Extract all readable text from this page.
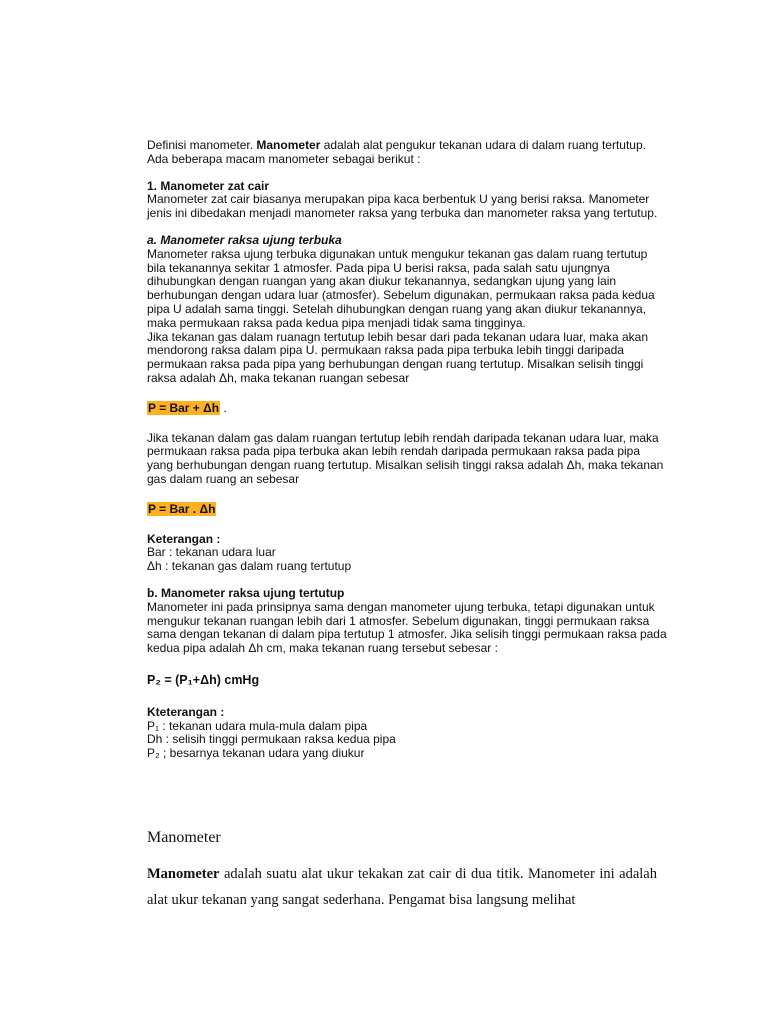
Definisi manometer. Manometer adalah alat pengukur tekanan udara di dalam ruang tertutup. Ada beberapa macam manometer sebagai berikut :

1. Manometer zat cair

Manometer zat cair biasanya merupakan pipa kaca berbentuk U yang berisi raksa. Manometer jenis ini dibedakan menjadi manometer raksa yang terbuka dan manometer raksa yang tertutup.

a. Manometer raksa ujung terbuka

Manometer raksa ujung terbuka digunakan untuk mengukur tekanan gas dalam ruang tertutup bila tekanannya sekitar 1 atmosfer. Pada pipa U berisi raksa, pada salah satu ujungnya dihubungkan dengan ruangan yang akan diukur tekanannya, sedangkan ujung yang lain berhubungan dengan udara luar (atmosfer). Sebelum digunakan, permukaan raksa pada kedua pipa U adalah sama tinggi. Setelah dihubungkan dengan ruang yang akan diukur tekanannya, maka permukaan raksa pada kedua pipa menjadi tidak sama tingginya.

Jika tekanan gas dalam ruanagn tertutup lebih besar dari pada tekanan udara luar, maka akan mendorong raksa dalam pipa U. permukaan raksa pada pipa terbuka lebih tinggi daripada permukaan raksa pada pipa yang berhubungan dengan ruang tertutup. Misalkan selisih tinggi raksa adalah Δh, maka tekanan ruangan sebesar

P = Bar + Δh .

Jika tekanan dalam gas dalam ruangan tertutup lebih rendah daripada tekanan udara luar, maka permukaan raksa pada pipa terbuka akan lebih rendah daripada permukaan raksa pada pipa yang berhubungan dengan ruang tertutup. Misalkan selisih tinggi raksa adalah Δh, maka tekanan gas dalam ruang an sebesar

P = Bar . Δh

Keterangan :

Bar : tekanan udara luar

Δh : tekanan gas dalam ruang tertutup

b. Manometer raksa ujung tertutup

Manometer ini pada prinsipnya sama dengan manometer ujung terbuka, tetapi digunakan untuk mengukur tekanan ruangan lebih dari 1 atmosfer. Sebelum digunakan, tinggi permukaan raksa sama dengan tekanan di dalam pipa tertutup 1 atmosfer. Jika selisih tinggi permukaan raksa pada kedua pipa adalah Δh cm, maka tekanan ruang tersebut sebesar :

P₂ = (P₁+Δh) cmHg

Kteterangan :

P₁ : tekanan udara mula-mula dalam pipa

Dh : selisih tinggi permukaan raksa kedua pipa

P₂ ; besarnya tekanan udara yang diukur

Manometer
Manometer adalah suatu alat ukur tekakan zat cair di dua titik. Manometer ini adalah alat ukur tekanan yang sangat sederhana. Pengamat bisa langsung melihat
